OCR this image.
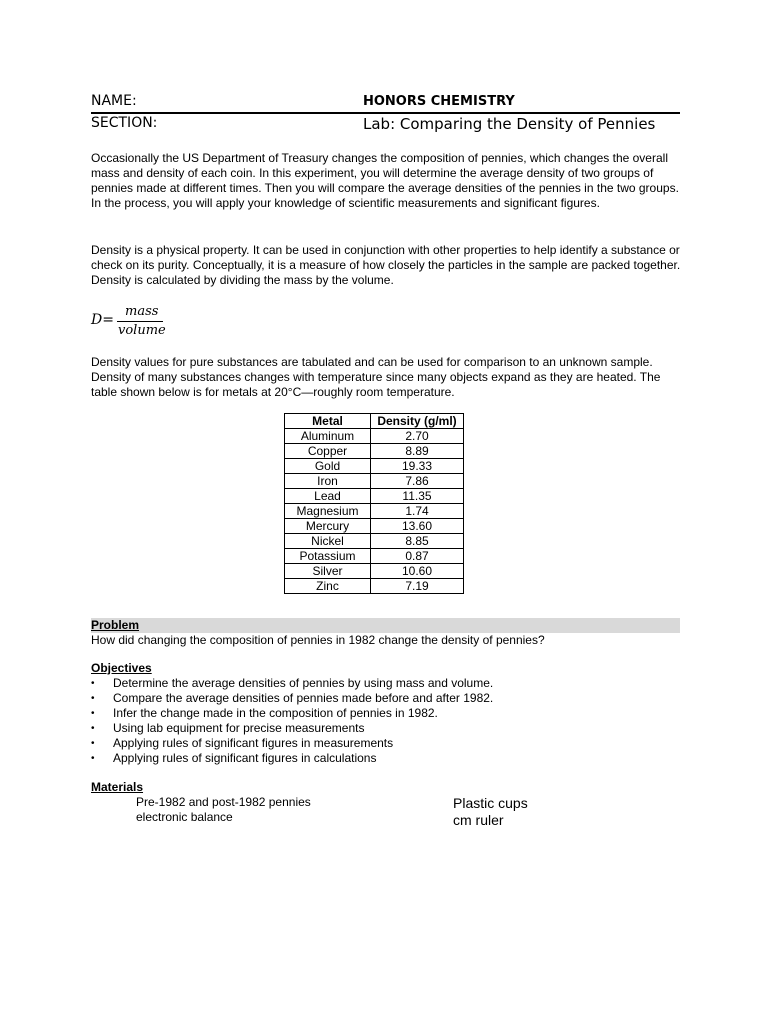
NAME:	HONORS CHEMISTRY
SECTION:	Lab: Comparing the Density of Pennies
Occasionally the US Department of Treasury changes the composition of pennies, which changes the overall mass and density of each coin. In this experiment, you will determine the average density of two groups of pennies made at different times. Then you will compare the average densities of the pennies in the two groups. In the process, you will apply your knowledge of scientific measurements and significant figures.
Density is a physical property. It can be used in conjunction with other properties to help identify a substance or check on its purity. Conceptually, it is a measure of how closely the particles in the sample are packed together. Density is calculated by dividing the mass by the volume.
D=
mass
volume
Density values for pure substances are tabulated and can be used for comparison to an unknown sample. Density of many substances changes with temperature since many objects expand as they are heated. The table shown below is for metals at 20°C—roughly room temperature.
Metal	Density (g/ml)
Aluminum	2.70
Copper	8.89
Gold	19.33
Iron	7.86
Lead	11.35
Magnesium	1.74
Mercury	13.60
Nickel	8.85
Potassium	0.87
Silver	10.60
Zinc	7.19
Problem
How did changing the composition of pennies in 1982 change the density of pennies?
Objectives
• Determine the average densities of pennies by using mass and volume.
• Compare the average densities of pennies made before and after 1982.
• Infer the change made in the composition of pennies in 1982.
• Using lab equipment for precise measurements
• Applying rules of significant figures in measurements
• Applying rules of significant figures in calculations
Materials
Pre-1982 and post-1982 pennies
electronic balance
Plastic cups
cm ruler
